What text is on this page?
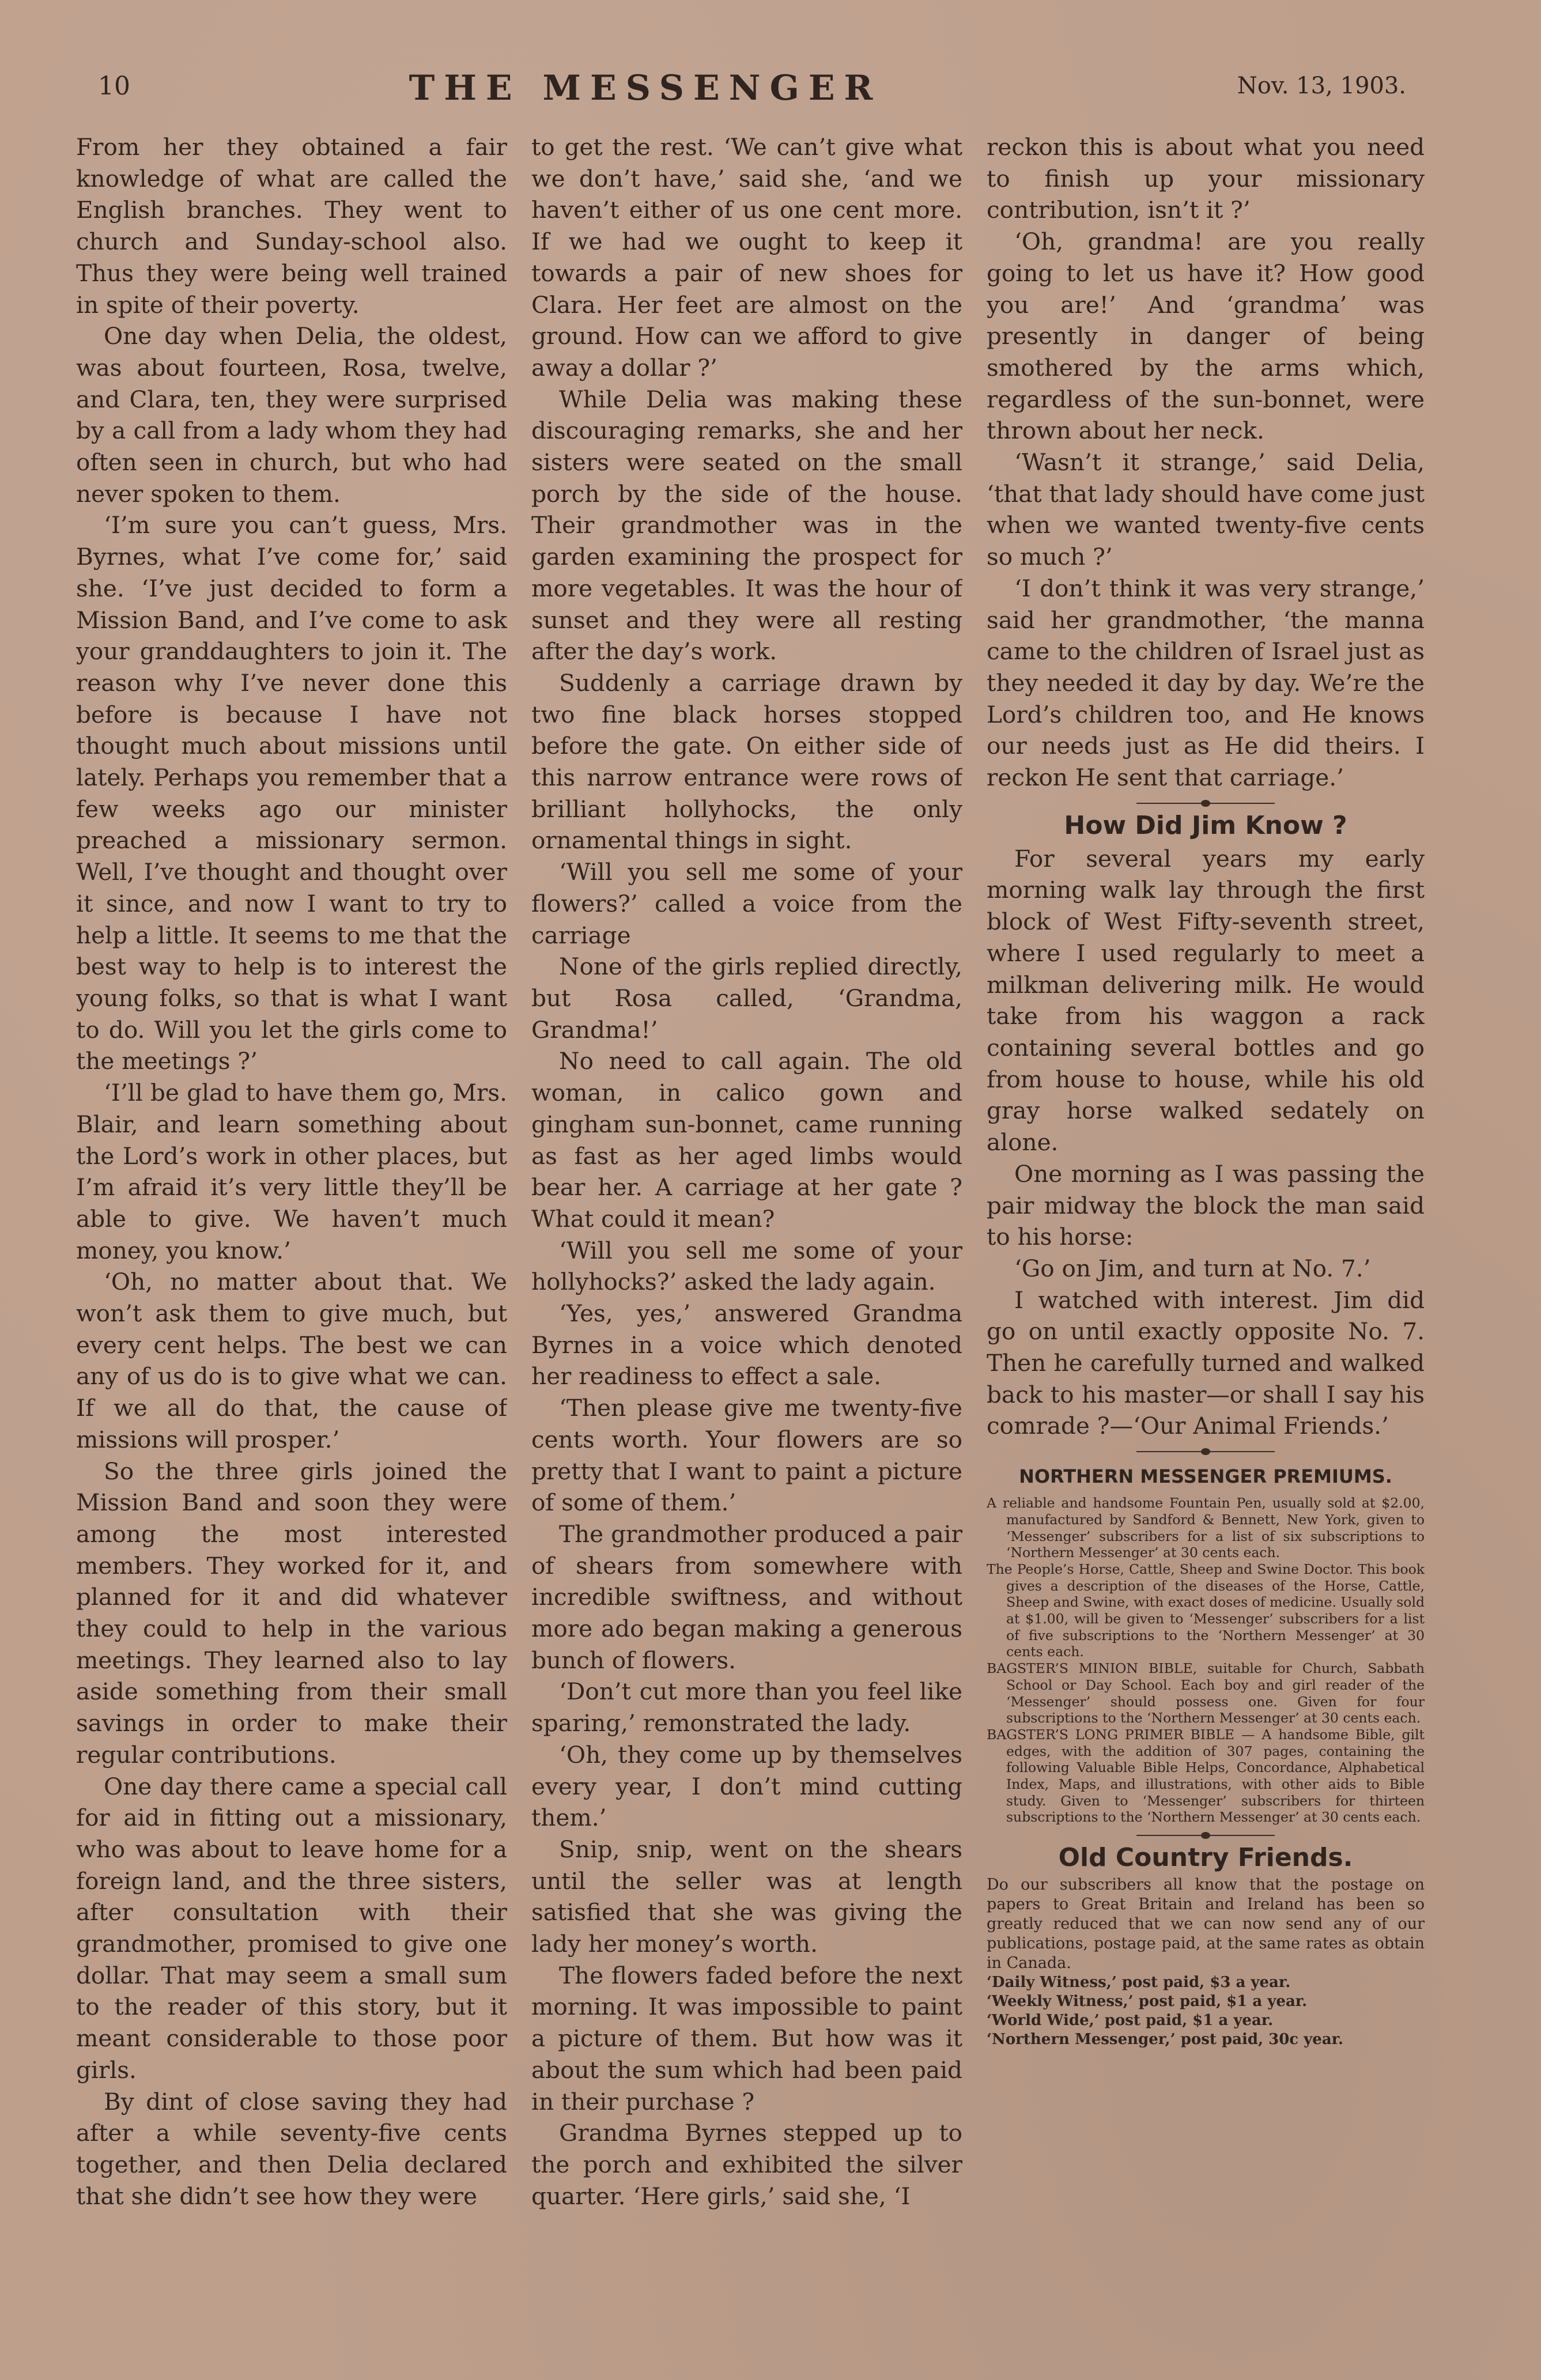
10	THE MESSENGER	Nov. 13, 1903.

From her they obtained a fair knowledge of what are called the English branches. They went to church and Sunday-school also. Thus they were being well trained in spite of their poverty.

One day when Delia, the oldest, was about fourteen, Rosa, twelve, and Clara, ten, they were surprised by a call from a lady whom they had often seen in church, but who had never spoken to them.

‘I’m sure you can’t guess, Mrs. Byrnes, what I’ve come for,’ said she. ‘I’ve just decided to form a Mission Band, and I’ve come to ask your granddaughters to join it. The reason why I’ve never done this before is because I have not thought much about missions until lately. Perhaps you remember that a few weeks ago our minister preached a missionary sermon. Well, I’ve thought and thought over it since, and now I want to try to help a little. It seems to me that the best way to help is to interest the young folks, so that is what I want to do. Will you let the girls come to the meetings ?’

‘I’ll be glad to have them go, Mrs. Blair, and learn something about the Lord’s work in other places, but I’m afraid it’s very little they’ll be able to give. We haven’t much money, you know.’

‘Oh, no matter about that. We won’t ask them to give much, but every cent helps. The best we can any of us do is to give what we can. If we all do that, the cause of missions will prosper.’

So the three girls joined the Mission Band and soon they were among the most interested members. They worked for it, and planned for it and did whatever they could to help in the various meetings. They learned also to lay aside something from their small savings in order to make their regular contributions.

One day there came a special call for aid in fitting out a missionary, who was about to leave home for a foreign land, and the three sisters, after consultation with their grandmother, promised to give one dollar. That may seem a small sum to the reader of this story, but it meant considerable to those poor girls.

By dint of close saving they had after a while seventy-five cents together, and then Delia declared that she didn’t see how they were

to get the rest. ‘We can’t give what we don’t have,’ said she, ‘and we haven’t either of us one cent more. If we had we ought to keep it towards a pair of new shoes for Clara. Her feet are almost on the ground. How can we afford to give away a dollar ?’

While Delia was making these discouraging remarks, she and her sisters were seated on the small porch by the side of the house. Their grandmother was in the garden examining the prospect for more vegetables. It was the hour of sunset and they were all resting after the day’s work.

Suddenly a carriage drawn by two fine black horses stopped before the gate. On either side of this narrow entrance were rows of brilliant hollyhocks, the only ornamental things in sight.

‘Will you sell me some of your flowers?’ called a voice from the carriage

None of the girls replied directly, but Rosa called, ‘Grandma, Grandma!’

No need to call again. The old woman, in calico gown and gingham sun-bonnet, came running as fast as her aged limbs would bear her. A carriage at her gate ? What could it mean?

‘Will you sell me some of your hollyhocks?’ asked the lady again.

‘Yes, yes,’ answered Grandma Byrnes in a voice which denoted her readiness to effect a sale.

‘Then please give me twenty-five cents worth. Your flowers are so pretty that I want to paint a picture of some of them.’

The grandmother produced a pair of shears from somewhere with incredible swiftness, and without more ado began making a generous bunch of flowers.

‘Don’t cut more than you feel like sparing,’ remonstrated the lady.

‘Oh, they come up by themselves every year, I don’t mind cutting them.’

Snip, snip, went on the shears until the seller was at length satisfied that she was giving the lady her money’s worth.

The flowers faded before the next morning. It was impossible to paint a picture of them. But how was it about the sum which had been paid in their purchase ?

Grandma Byrnes stepped up to the porch and exhibited the silver quarter. ‘Here girls,’ said she, ‘I

reckon this is about what you need to finish up your missionary contribution, isn’t it ?’

‘Oh, grandma! are you really going to let us have it? How good you are!’ And ‘grandma’ was presently in danger of being smothered by the arms which, regardless of the sun-bonnet, were thrown about her neck.

‘Wasn’t it strange,’ said Delia, ‘that that lady should have come just when we wanted twenty-five cents so much ?’

‘I don’t think it was very strange,’ said her grandmother, ‘the manna came to the children of Israel just as they needed it day by day. We’re the Lord’s children too, and He knows our needs just as He did theirs. I reckon He sent that carriage.’

How Did Jim Know ?

For several years my early morning walk lay through the first block of West Fifty-seventh street, where I used regularly to meet a milkman delivering milk. He would take from his waggon a rack containing several bottles and go from house to house, while his old gray horse walked sedately on alone.

One morning as I was passing the pair midway the block the man said to his horse:

‘Go on Jim, and turn at No. 7.’

I watched with interest. Jim did go on until exactly opposite No. 7. Then he carefully turned and walked back to his master—or shall I say his comrade ?—‘Our Animal Friends.’

NORTHERN MESSENGER PREMIUMS.

A reliable and handsome Fountain Pen, usually sold at $2.00, manufactured by Sandford & Bennett, New York, given to ‘Messenger’ subscribers for a list of six subscriptions to ‘Northern Messenger’ at 30 cents each.

The People’s Horse, Cattle, Sheep and Swine Doctor. This book gives a description of the diseases of the Horse, Cattle, Sheep and Swine, with exact doses of medicine. Usually sold at $1.00, will be given to ‘Messenger’ subscribers for a list of five subscriptions to the ‘Northern Messenger’ at 30 cents each.

BAGSTER’S MINION BIBLE, suitable for Church, Sabbath School or Day School. Each boy and girl reader of the ‘Messenger’ should possess one. Given for four subscriptions to the ‘Northern Messenger’ at 30 cents each.

BAGSTER’S LONG PRIMER BIBLE — A handsome Bible, gilt edges, with the addition of 307 pages, containing the following Valuable Bible Helps, Concordance, Alphabetical Index, Maps, and illustrations, with other aids to Bible study. Given to ‘Messenger’ subscribers for thirteen subscriptions to the ‘Northern Messenger’ at 30 cents each.

Old Country Friends.

Do our subscribers all know that the postage on papers to Great Britain and Ireland has been so greatly reduced that we can now send any of our publications, postage paid, at the same rates as obtain in Canada.

‘Daily Witness,’ post paid, $3 a year.

‘Weekly Witness,’ post paid, $1 a year.

‘World Wide,’ post paid, $1 a year.

‘Northern Messenger,’ post paid, 30c year.
